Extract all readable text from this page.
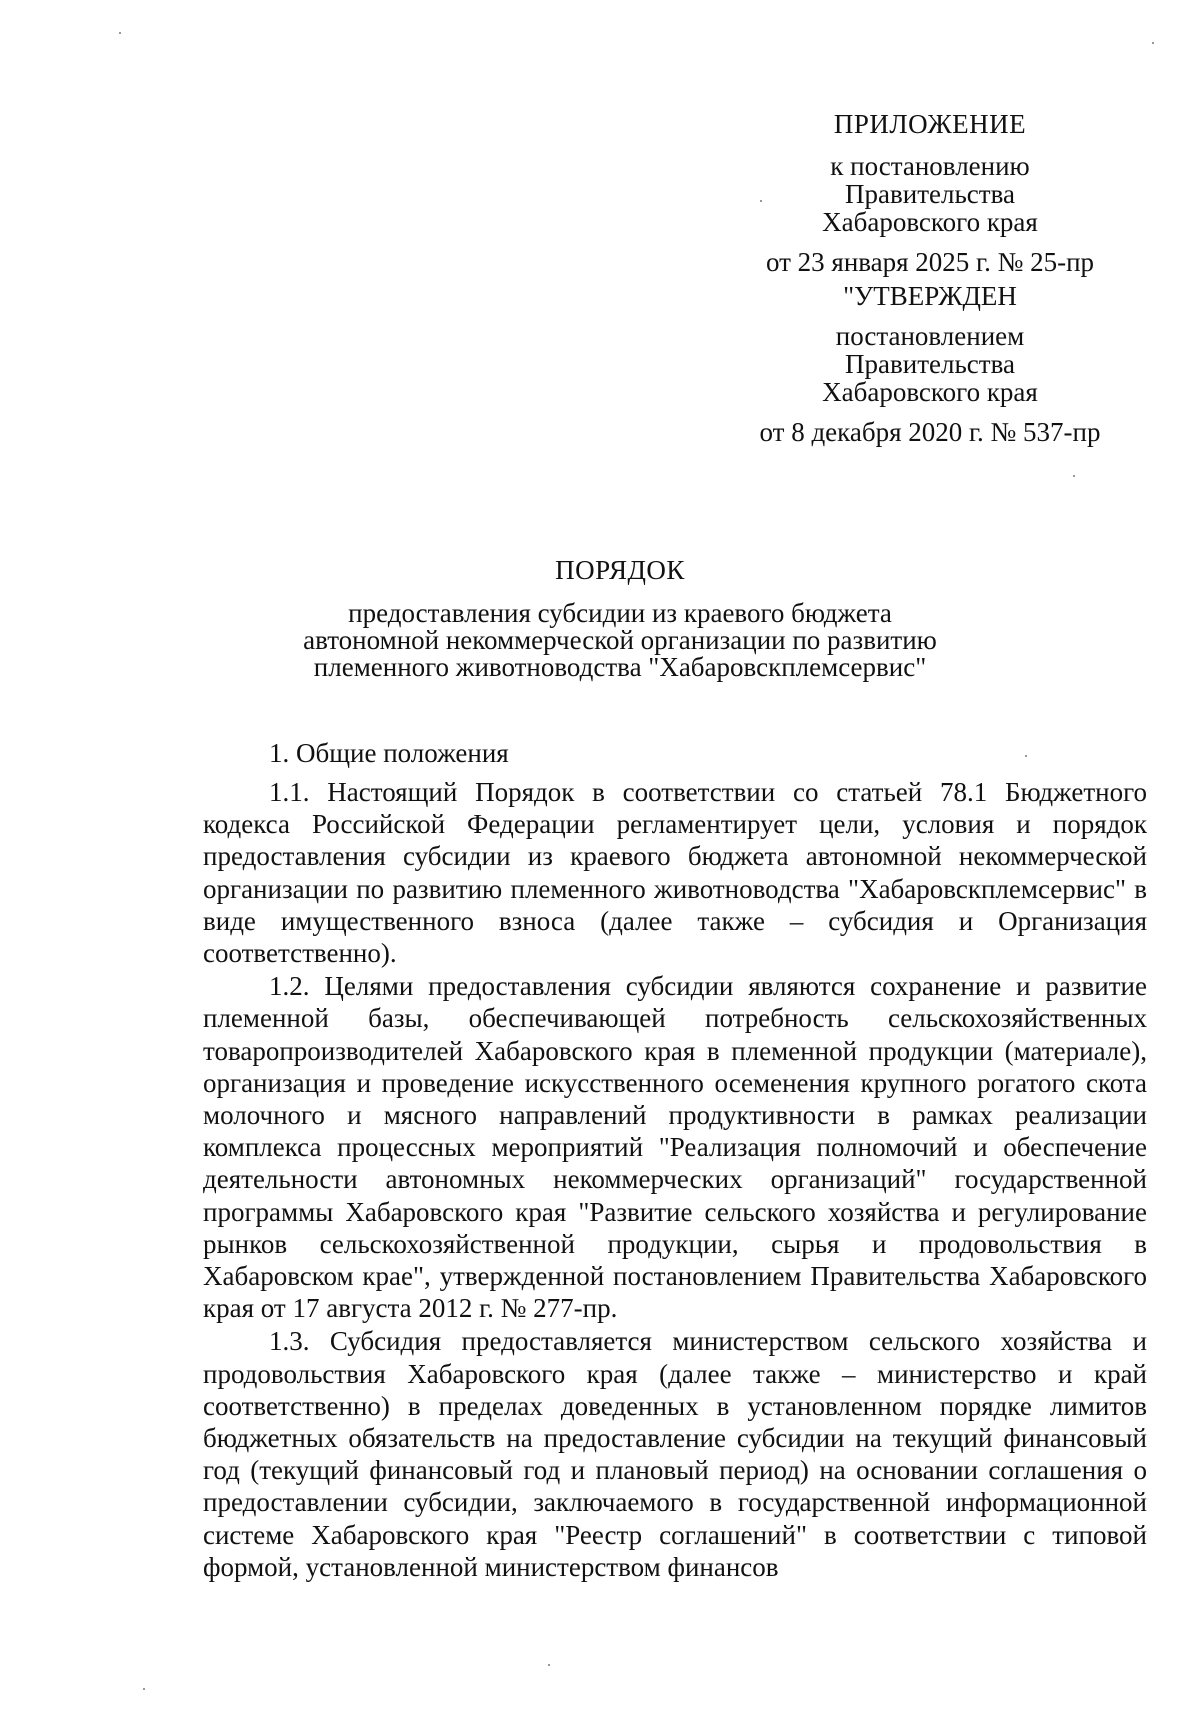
ПРИЛОЖЕНИЕ
к постановлению
Правительства
Хабаровского края
от 23 января 2025 г. № 25-пр
"УТВЕРЖДЕН
постановлением
Правительства
Хабаровского края
от 8 декабря 2020 г. № 537-пр
ПОРЯДОК
предоставления субсидии из краевого бюджета
автономной некоммерческой организации по развитию
племенного животноводства "Хабаровскплемсервис"
1. Общие положения

1.1. Настоящий Порядок в соответствии со статьей 78.1 Бюджетного кодекса Российской Федерации регламентирует цели, условия и порядок предоставления субсидии из краевого бюджета автономной некоммерческой организации по развитию племенного животноводства "Хабаровскплемсервис" в виде имущественного взноса (далее также – субсидия и Организация соответственно).

1.2. Целями предоставления субсидии являются сохранение и развитие племенной базы, обеспечивающей потребность сельскохозяйственных товаропроизводителей Хабаровского края в племенной продукции (материале), организация и проведение искусственного осеменения крупного рогатого скота молочного и мясного направлений продуктивности в рамках реализации комплекса процессных мероприятий "Реализация полномочий и обеспечение деятельности автономных некоммерческих организаций" государственной программы Хабаровского края "Развитие сельского хозяйства и регулирование рынков сельскохозяйственной продукции, сырья и продовольствия в Хабаровском крае", утвержденной постановлением Правительства Хабаровского края от 17 августа 2012 г. № 277-пр.

1.3. Субсидия предоставляется министерством сельского хозяйства и продовольствия Хабаровского края (далее также – министерство и край соответственно) в пределах доведенных в установленном порядке лимитов бюджетных обязательств на предоставление субсидии на текущий финансовый год (текущий финансовый год и плановый период) на основании соглашения о предоставлении субсидии, заключаемого в государственной информационной системе Хабаровского края "Реестр соглашений" в соответствии с типовой формой, установленной министерством финансов
